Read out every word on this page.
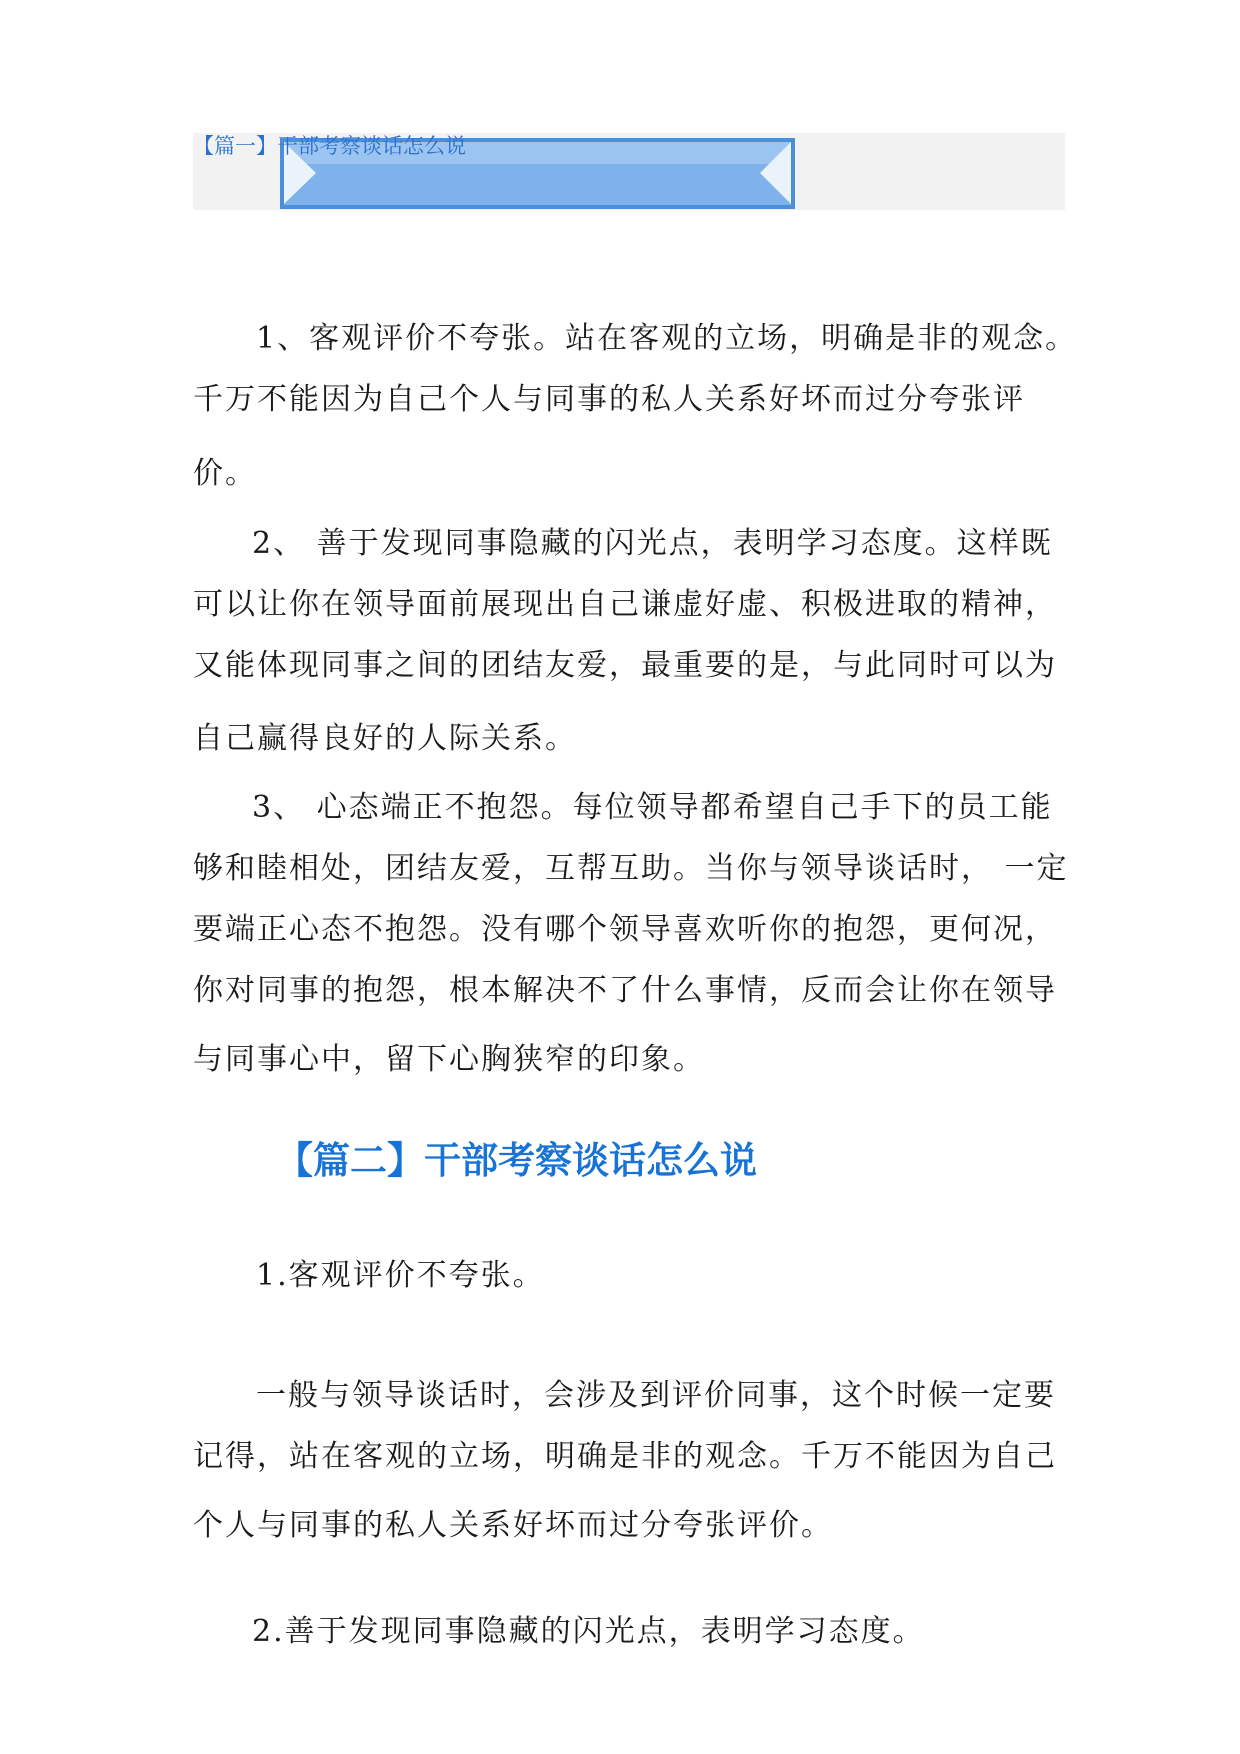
【篇一】干部考察谈话怎么说
1、客观评价不夸张。站在客观的立场，明确是非的观念。
千万不能因为自己个人与同事的私人关系好坏而过分夸张评
价。
2、 善于发现同事隐藏的闪光点，表明学习态度。这样既
可以让你在领导面前展现出自己谦虚好虚、积极进取的精神，
又能体现同事之间的团结友爱，最重要的是，与此同时可以为
自己赢得良好的人际关系。
3、 心态端正不抱怨。每位领导都希望自己手下的员工能
够和睦相处，团结友爱，互帮互助。当你与领导谈话时， 一定
要端正心态不抱怨。没有哪个领导喜欢听你的抱怨，更何况，
你对同事的抱怨，根本解决不了什么事情，反而会让你在领导
与同事心中，留下心胸狭窄的印象。
【篇二】干部考察谈话怎么说
1.客观评价不夸张。
一般与领导谈话时，会涉及到评价同事，这个时候一定要
记得，站在客观的立场，明确是非的观念。千万不能因为自己
个人与同事的私人关系好坏而过分夸张评价。
2.善于发现同事隐藏的闪光点，表明学习态度。
